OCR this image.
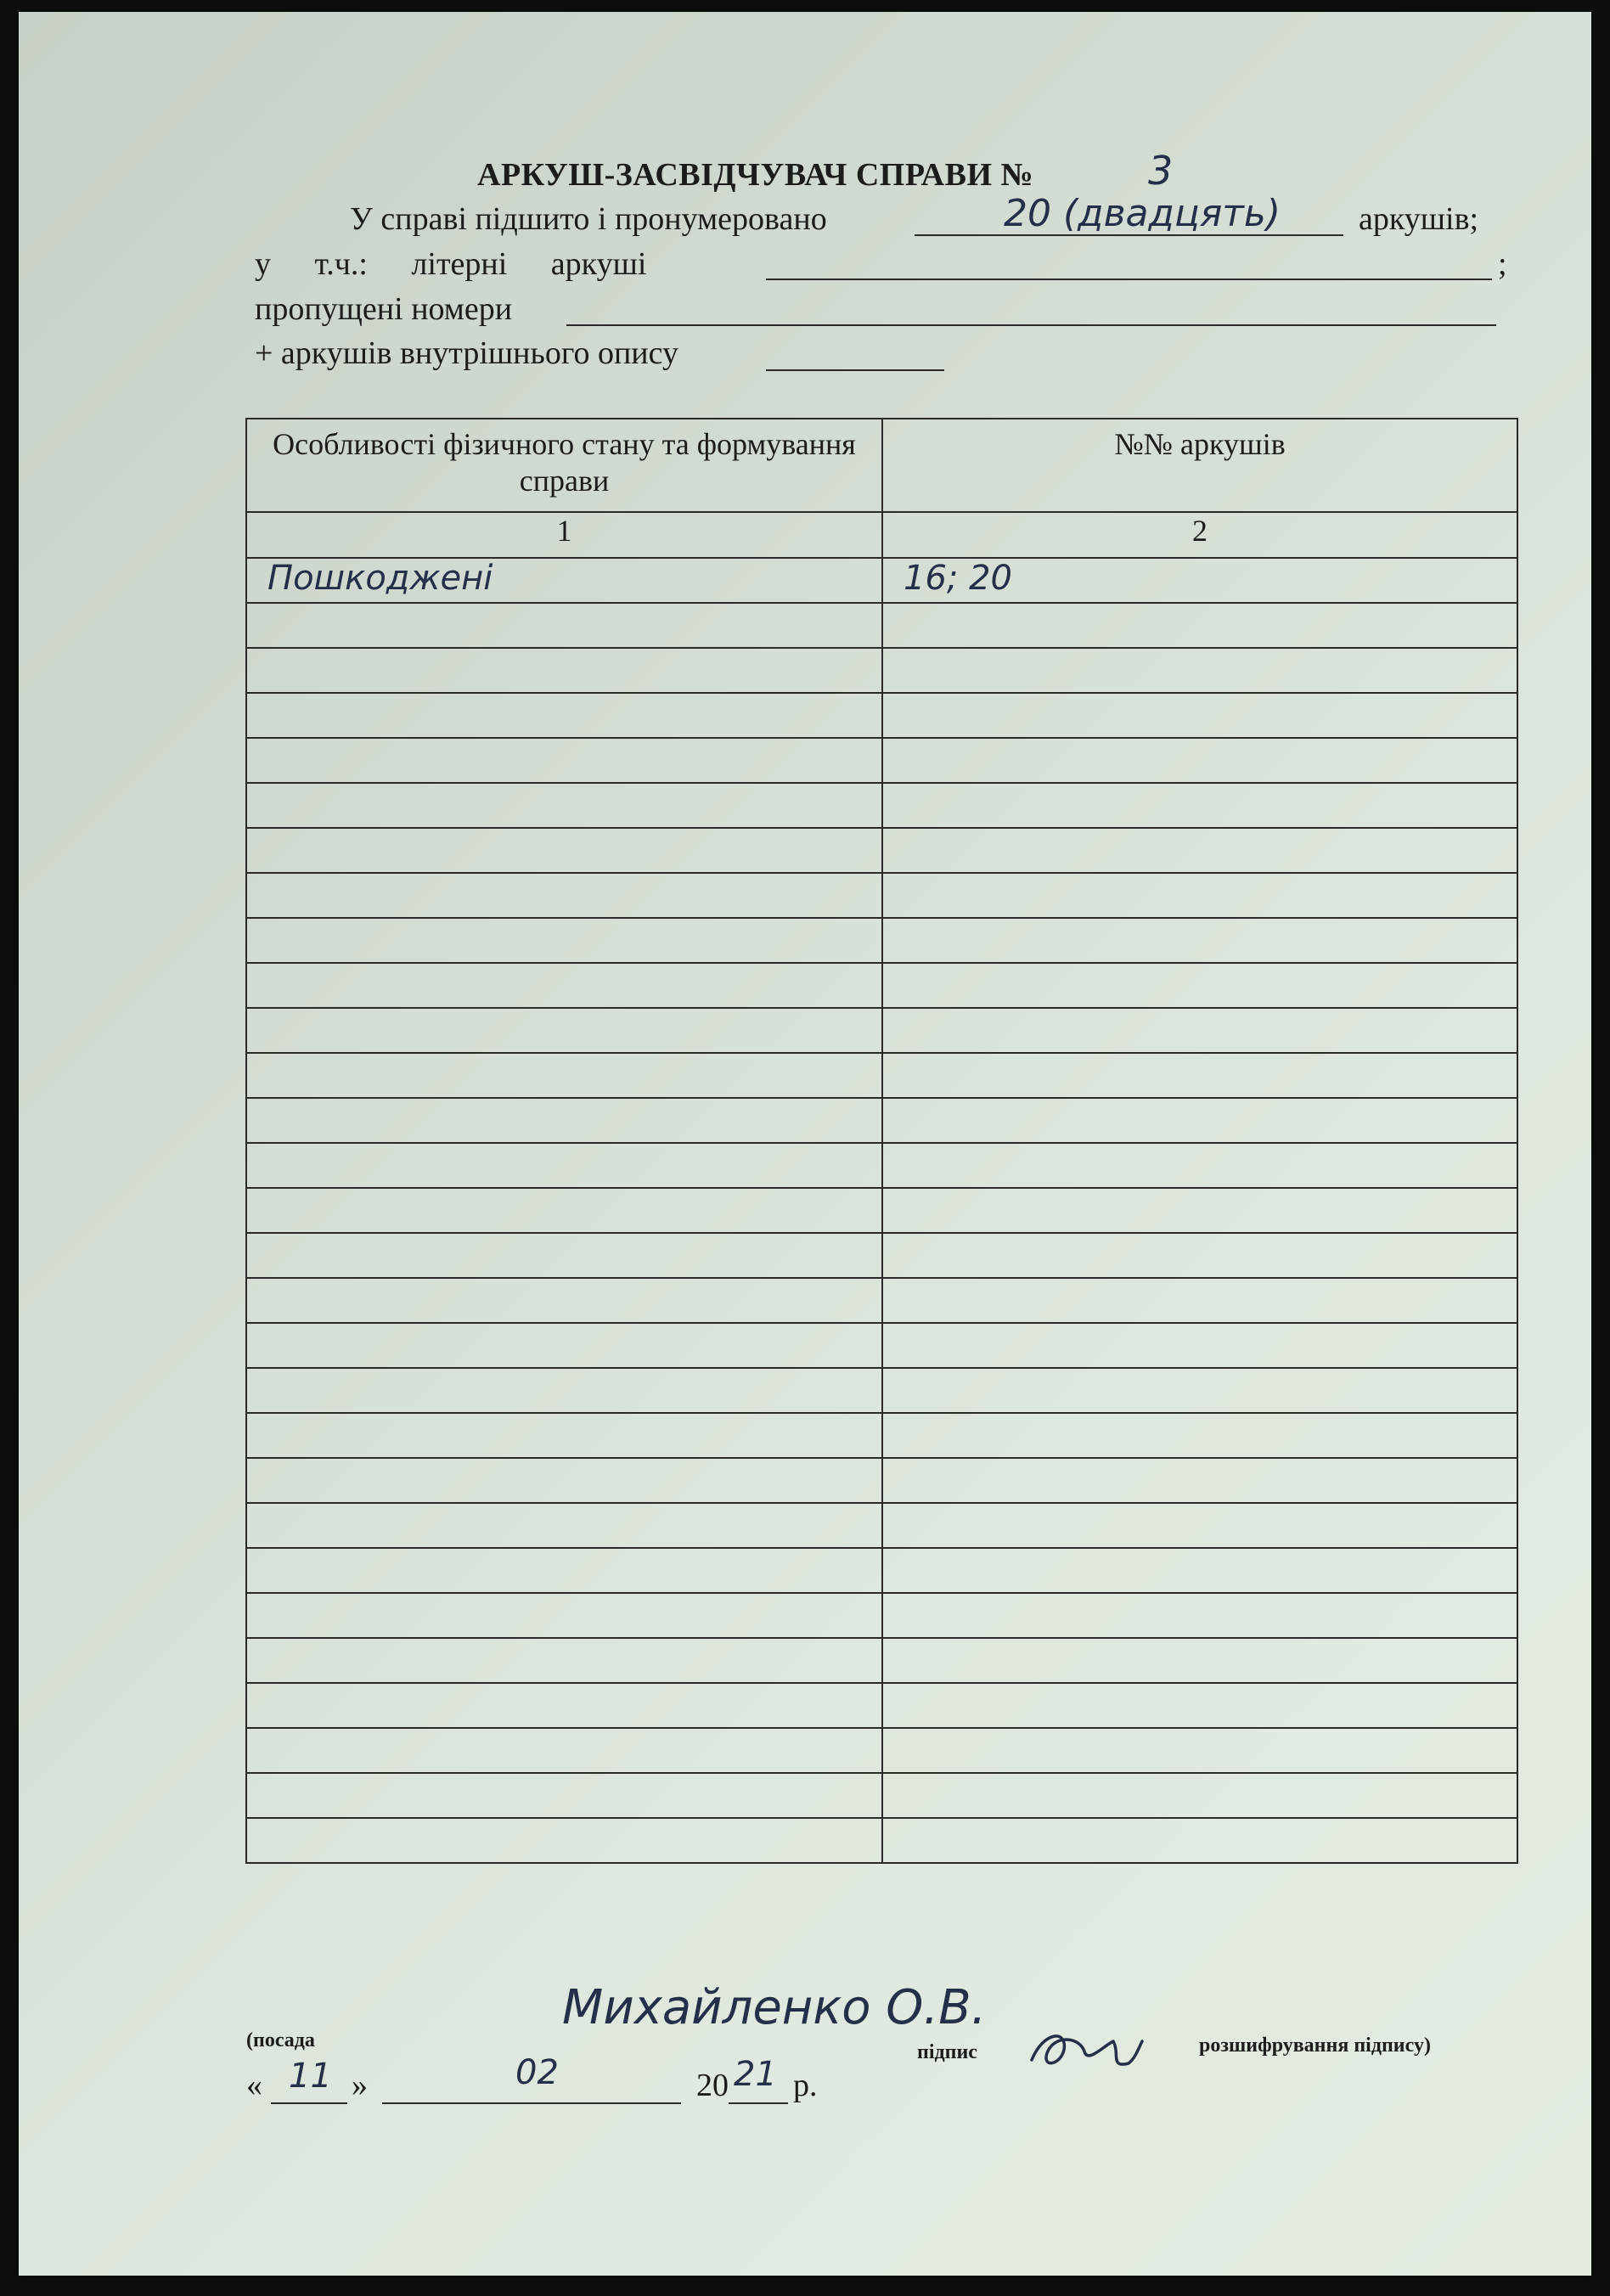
АРКУШ-ЗАСВІДЧУВАЧ СПРАВИ №	3
У справі підшито і пронумеровано	20 (двадцять) аркушів;
у т.ч.: літерні аркуші	;
пропущені номери
+ аркушів внутрішнього опису
Особливості фізичного стану та формування справи	№№ аркушів
1	2
Пошкоджені	16; 20

Михайленко О.В.
(посада
підпис	розшифрування підпису)
« 11 »	02	20 21 р.
